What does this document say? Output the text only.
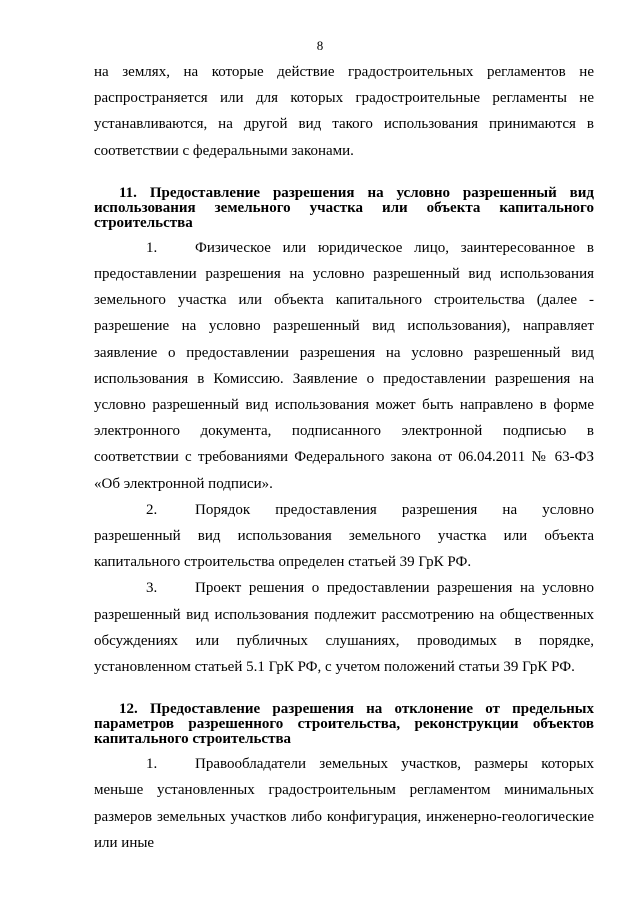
8

на землях, на которые действие градостроительных регламентов не распространяется или для которых градостроительные регламенты не устанавливаются, на другой вид такого использования принимаются в соответствии с федеральными законами.

11. Предоставление разрешения на условно разрешенный вид использования земельного участка или объекта капитального строительства

1.	Физическое или юридическое лицо, заинтересованное в предоставлении разрешения на условно разрешенный вид использования земельного участка или объекта капитального строительства (далее - разрешение на условно разрешенный вид использования), направляет заявление о предоставлении разрешения на условно разрешенный вид использования в Комиссию. Заявление о предоставлении разрешения на условно разрешенный вид использования может быть направлено в форме электронного документа, подписанного электронной подписью в соответствии с требованиями Федерального закона от 06.04.2011 № 63-ФЗ «Об электронной подписи».

2.	Порядок предоставления разрешения на условно разрешенный вид использования земельного участка или объекта капитального строительства определен статьей 39 ГрК РФ.

3.	Проект решения о предоставлении разрешения на условно разрешенный вид использования подлежит рассмотрению на общественных обсуждениях или публичных слушаниях, проводимых в порядке, установленном статьей 5.1 ГрК РФ, с учетом положений статьи 39 ГрК РФ.

12. Предоставление разрешения на отклонение от предельных параметров разрешенного строительства, реконструкции объектов капитального строительства

1.	Правообладатели земельных участков, размеры которых меньше установленных градостроительным регламентом минимальных размеров земельных участков либо конфигурация, инженерно-геологические или иные
